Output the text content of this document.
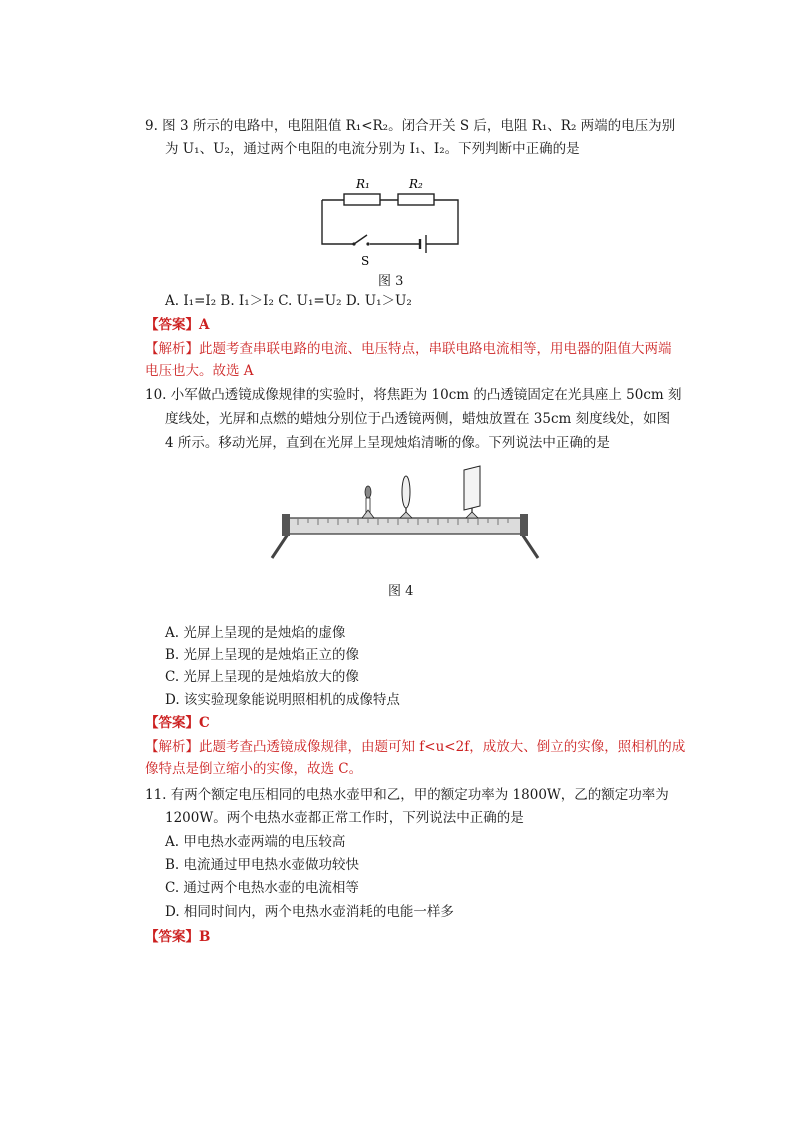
9. 图 3 所示的电路中，电阻阻值 R₁<R₂。闭合开关 S 后，电阻 R₁、R₂ 两端的电压为别
为 U₁、U₂，通过两个电阻的电流分别为 I₁、I₂。下列判断中正确的是
R₁	R₂
S
图 3
A. I₁=I₂ B. I₁＞I₂ C. U₁=U₂ D. U₁＞U₂
【答案】A
【解析】此题考查串联电路的电流、电压特点，串联电路电流相等，用电器的阻值大两端
电压也大。故选 A
10. 小军做凸透镜成像规律的实验时，将焦距为 10cm 的凸透镜固定在光具座上 50cm 刻
度线处，光屏和点燃的蜡烛分别位于凸透镜两侧，蜡烛放置在 35cm 刻度线处，如图
4 所示。移动光屏，直到在光屏上呈现烛焰清晰的像。下列说法中正确的是
图 4
A. 光屏上呈现的是烛焰的虚像
B. 光屏上呈现的是烛焰正立的像
C. 光屏上呈现的是烛焰放大的像
D. 该实验现象能说明照相机的成像特点
【答案】C
【解析】此题考查凸透镜成像规律，由题可知 f<u<2f，成放大、倒立的实像，照相机的成
像特点是倒立缩小的实像，故选 C。
11. 有两个额定电压相同的电热水壶甲和乙，甲的额定功率为 1800W，乙的额定功率为
1200W。两个电热水壶都正常工作时，下列说法中正确的是
A. 甲电热水壶两端的电压较高
B. 电流通过甲电热水壶做功较快
C. 通过两个电热水壶的电流相等
D. 相同时间内，两个电热水壶消耗的电能一样多
【答案】B
